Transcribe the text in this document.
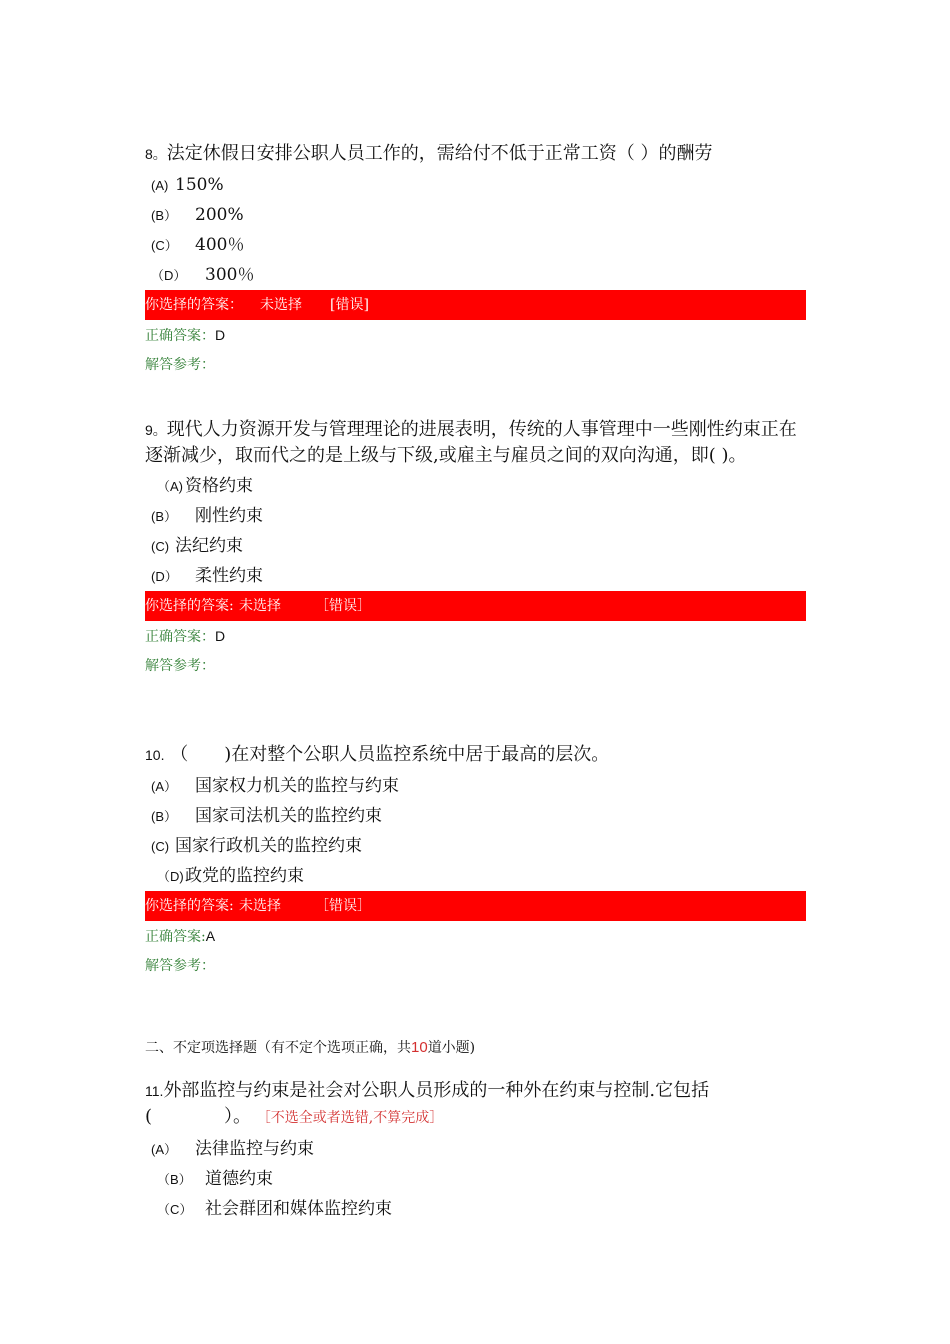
8。法定休假日安排公职人员工作的，需给付不低于正常工资（ ）的酬劳

(A) 150%
(B） 200%
(C） 400％
（D） 300％
你选择的答案： 未选择 [错误]
正确答案：D
解答参考：

9。现代人力资源开发与管理理论的进展表明，传统的人事管理中一些刚性约束正在逐渐减少，取而代之的是上级与下级,或雇主与雇员之间的双向沟通，即( )。

（A) 资格约束
(B） 刚性约束
(C) 法纪约束
(D） 柔性约束
你选择的答案: 未选择 ［错误］
正确答案：D
解答参考：

10. （　　)在对整个公职人员监控系统中居于最高的层次。

(A） 国家权力机关的监控与约束
(B） 国家司法机关的监控约束
(C) 国家行政机关的监控约束
（D)政党的监控约束
你选择的答案: 未选择 ［错误］
正确答案:A
解答参考：
二、不定项选择题（有不定个选项正确，共10道小题)

11.外部监控与约束是社会对公职人员形成的一种外在约束与控制.它包括(　　　　）。 ［不选全或者选错,不算完成］

(A） 法律监控与约束
（B） 道德约束
（C） 社会群团和媒体监控约束
